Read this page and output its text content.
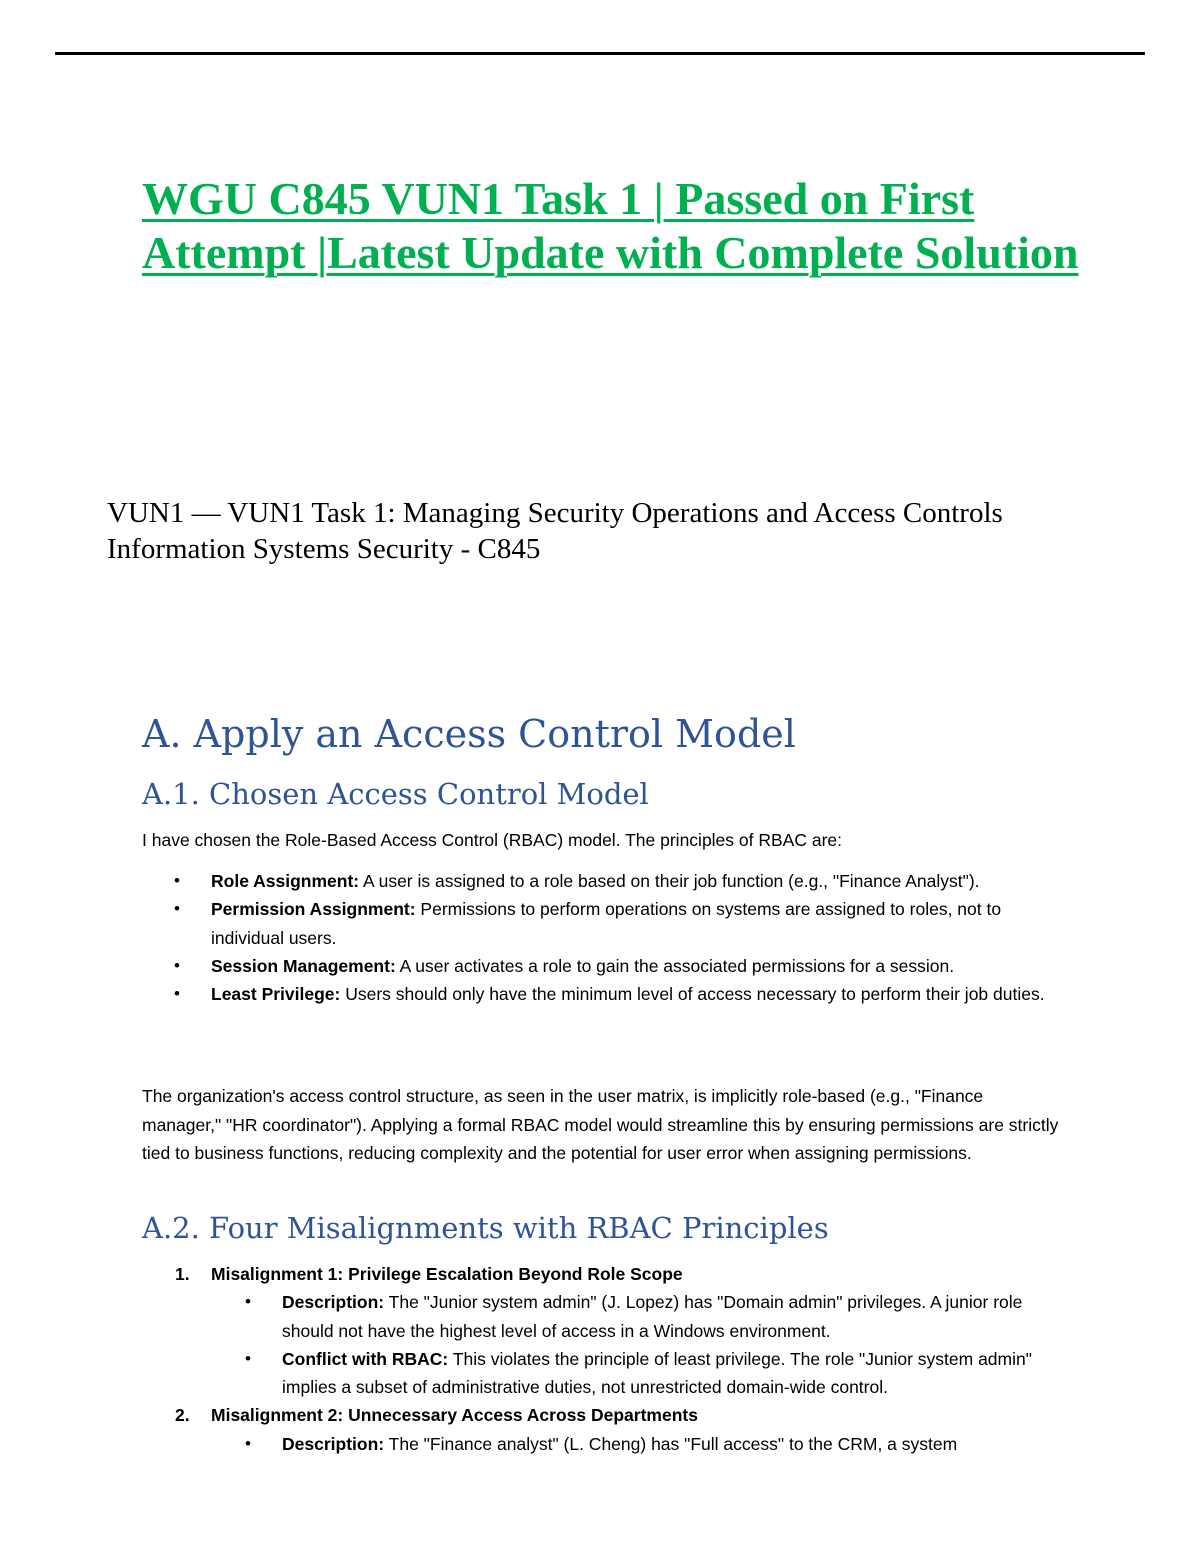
WGU C845 VUN1 Task 1 | Passed on First Attempt |Latest Update with Complete Solution
VUN1 — VUN1 Task 1: Managing Security Operations and Access Controls
Information Systems Security - C845
A. Apply an Access Control Model
A.1. Chosen Access Control Model

I have chosen the Role-Based Access Control (RBAC) model. The principles of RBAC are:

• Role Assignment: A user is assigned to a role based on their job function (e.g., "Finance Analyst").
• Permission Assignment: Permissions to perform operations on systems are assigned to roles, not to individual users.
• Session Management: A user activates a role to gain the associated permissions for a session.
• Least Privilege: Users should only have the minimum level of access necessary to perform their job duties.

The organization's access control structure, as seen in the user matrix, is implicitly role-based (e.g., "Finance manager," "HR coordinator"). Applying a formal RBAC model would streamline this by ensuring permissions are strictly tied to business functions, reducing complexity and the potential for user error when assigning permissions.

A.2. Four Misalignments with RBAC Principles
1. Misalignment 1: Privilege Escalation Beyond Role Scope
• Description: The "Junior system admin" (J. Lopez) has "Domain admin" privileges. A junior role should not have the highest level of access in a Windows environment.
• Conflict with RBAC: This violates the principle of least privilege. The role "Junior system admin" implies a subset of administrative duties, not unrestricted domain-wide control.
2. Misalignment 2: Unnecessary Access Across Departments
• Description: The "Finance analyst" (L. Cheng) has "Full access" to the CRM, a system
